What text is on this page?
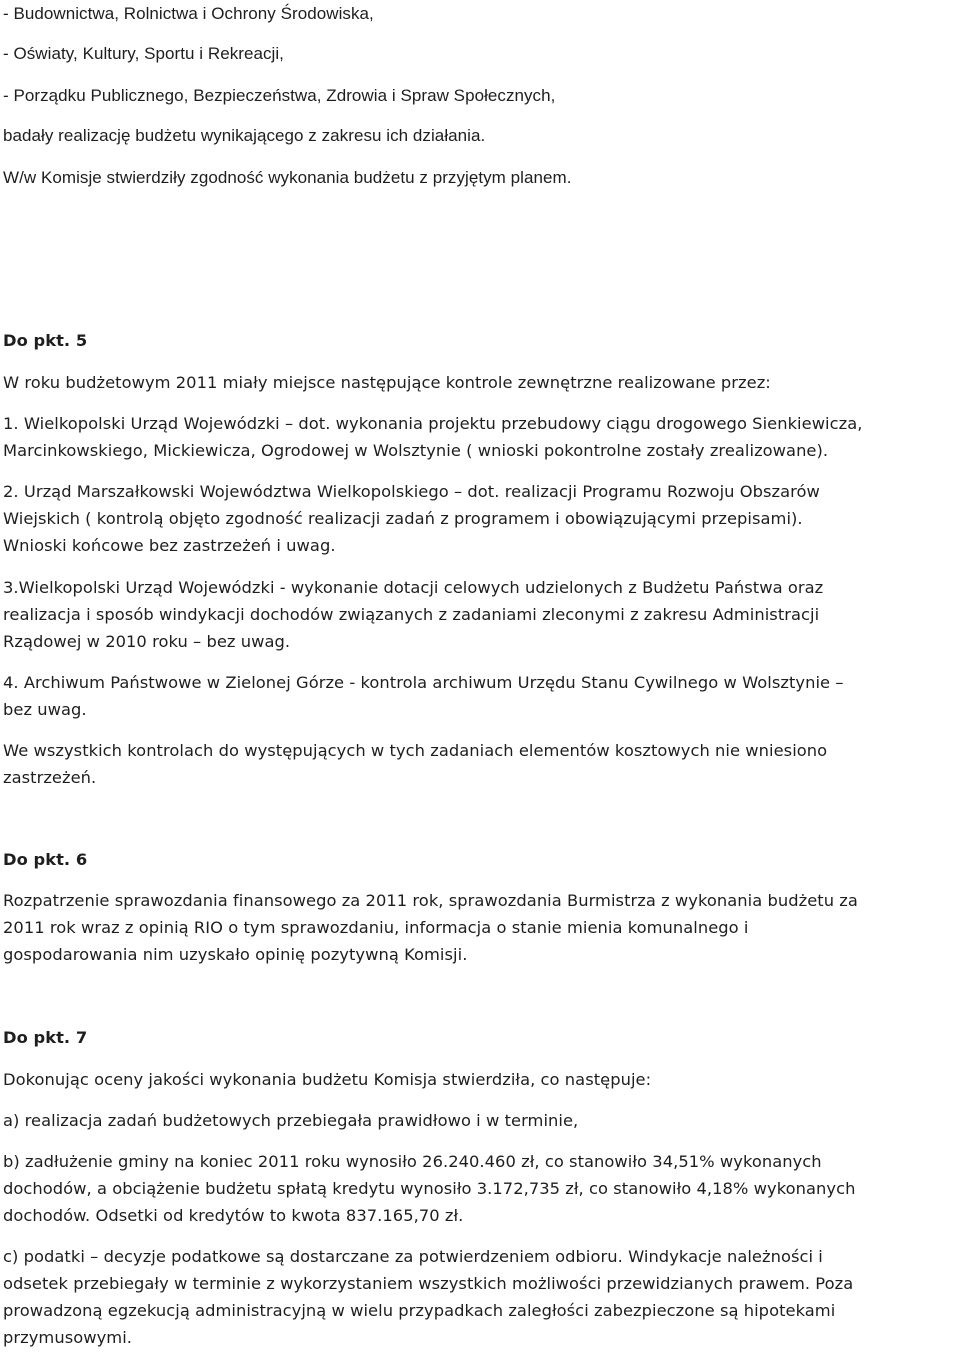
- Budownictwa, Rolnictwa i Ochrony Środowiska,
- Oświaty, Kultury, Sportu i Rekreacji,
- Porządku Publicznego, Bezpieczeństwa, Zdrowia i Spraw Społecznych,
badały realizację budżetu wynikającego z zakresu ich działania.
W/w Komisje stwierdziły zgodność wykonania budżetu z przyjętym planem.
Do pkt. 5
W roku budżetowym 2011 miały miejsce następujące kontrole zewnętrzne realizowane przez:
1. Wielkopolski Urząd Wojewódzki – dot. wykonania projektu przebudowy ciągu drogowego Sienkiewicza,
Marcinkowskiego, Mickiewicza, Ogrodowej w Wolsztynie ( wnioski pokontrolne zostały zrealizowane).
2. Urząd Marszałkowski Województwa Wielkopolskiego – dot. realizacji Programu Rozwoju Obszarów
Wiejskich ( kontrolą objęto zgodność realizacji zadań z programem i obowiązującymi przepisami).
Wnioski końcowe bez zastrzeżeń i uwag.
3.Wielkopolski Urząd Wojewódzki - wykonanie dotacji celowych udzielonych z Budżetu Państwa oraz
realizacja i sposób windykacji dochodów związanych z zadaniami zleconymi z zakresu Administracji
Rządowej w 2010 roku – bez uwag.
4. Archiwum Państwowe w Zielonej Górze - kontrola archiwum Urzędu Stanu Cywilnego w Wolsztynie –
bez uwag.
We wszystkich kontrolach do występujących w tych zadaniach elementów kosztowych nie wniesiono
zastrzeżeń.
Do pkt. 6
Rozpatrzenie sprawozdania finansowego za 2011 rok, sprawozdania Burmistrza z wykonania budżetu za
2011 rok wraz z opinią RIO o tym sprawozdaniu, informacja o stanie mienia komunalnego i
gospodarowania nim uzyskało opinię pozytywną Komisji.
Do pkt. 7
Dokonując oceny jakości wykonania budżetu Komisja stwierdziła, co następuje:
a) realizacja zadań budżetowych przebiegała prawidłowo i w terminie,
b) zadłużenie gminy na koniec 2011 roku wynosiło 26.240.460 zł, co stanowiło 34,51% wykonanych
dochodów, a obciążenie budżetu spłatą kredytu wynosiło 3.172,735 zł, co stanowiło 4,18% wykonanych
dochodów. Odsetki od kredytów to kwota 837.165,70 zł.
c) podatki – decyzje podatkowe są dostarczane za potwierdzeniem odbioru. Windykacje należności i
odsetek przebiegały w terminie z wykorzystaniem wszystkich możliwości przewidzianych prawem. Poza
prowadzoną egzekucją administracyjną w wielu przypadkach zaległości zabezpieczone są hipotekami
przymusowymi.
